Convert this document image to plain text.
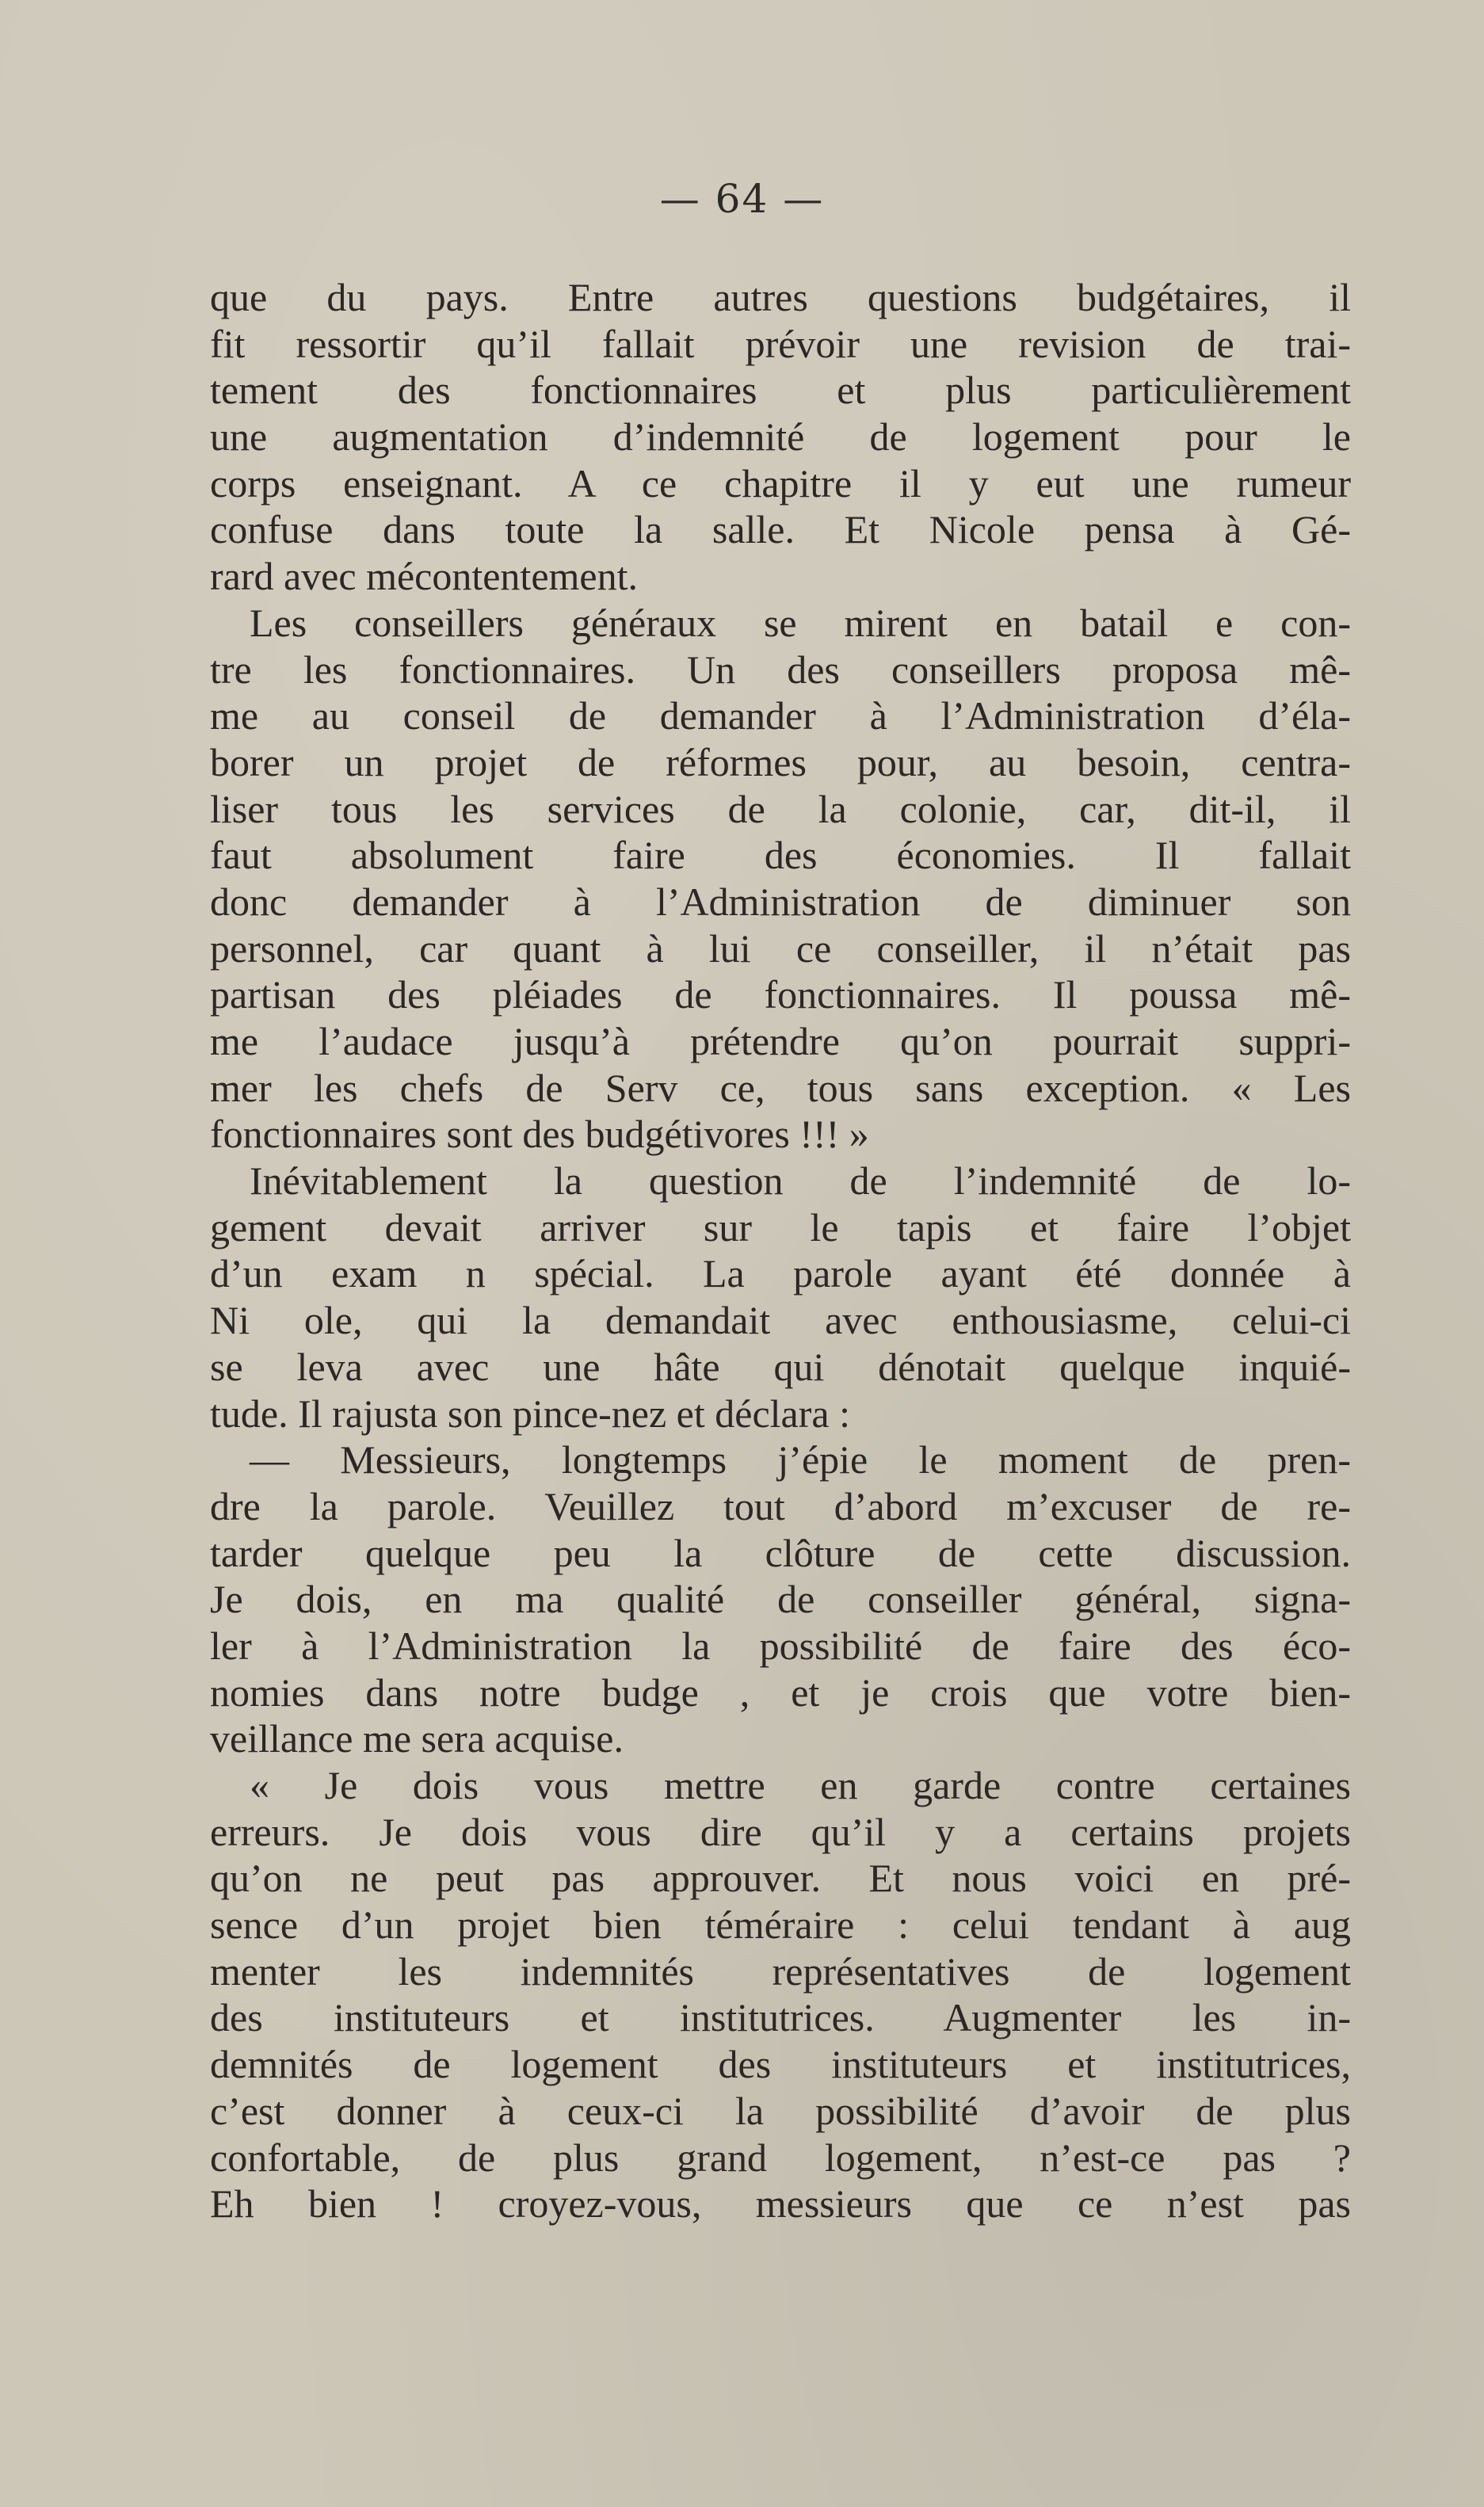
— 64 —
que du pays. Entre autres questions budgétaires, il
fit ressortir qu’il fallait prévoir une revision de trai-
tement des fonctionnaires et plus particulièrement
une augmentation d’indemnité de logement pour le
corps enseignant. A ce chapitre il y eut une rumeur
confuse dans toute la salle. Et Nicole pensa à Gé-
rard avec mécontentement.
Les conseillers généraux se mirent en batail e con-
tre les fonctionnaires. Un des conseillers proposa mê-
me au conseil de demander à l’Administration d’éla-
borer un projet de réformes pour, au besoin, centra-
liser tous les services de la colonie, car, dit-il, il
faut absolument faire des économies. Il fallait
donc demander à l’Administration de diminuer son
personnel, car quant à lui ce conseiller, il n’était pas
partisan des pléiades de fonctionnaires. Il poussa mê-
me l’audace jusqu’à prétendre qu’on pourrait suppri-
mer les chefs de Serv ce, tous sans exception. « Les
fonctionnaires sont des budgétivores !!! »
Inévitablement la question de l’indemnité de lo-
gement devait arriver sur le tapis et faire l’objet
d’un exam n spécial. La parole ayant été donnée à
Ni ole, qui la demandait avec enthousiasme, celui-ci
se leva avec une hâte qui dénotait quelque inquié-
tude. Il rajusta son pince-nez et déclara :
— Messieurs, longtemps j’épie le moment de pren-
dre la parole. Veuillez tout d’abord m’excuser de re-
tarder quelque peu la clôture de cette discussion.
Je dois, en ma qualité de conseiller général, signa-
ler à l’Administration la possibilité de faire des éco-
nomies dans notre budge , et je crois que votre bien-
veillance me sera acquise.
« Je dois vous mettre en garde contre certaines
erreurs. Je dois vous dire qu’il y a certains projets
qu’on ne peut pas approuver. Et nous voici en pré-
sence d’un projet bien téméraire : celui tendant à aug
menter les indemnités représentatives de logement
des instituteurs et institutrices. Augmenter les in-
demnités de logement des instituteurs et institutrices,
c’est donner à ceux-ci la possibilité d’avoir de plus
confortable, de plus grand logement, n’est-ce pas ?
Eh bien ! croyez-vous, messieurs que ce n’est pas
